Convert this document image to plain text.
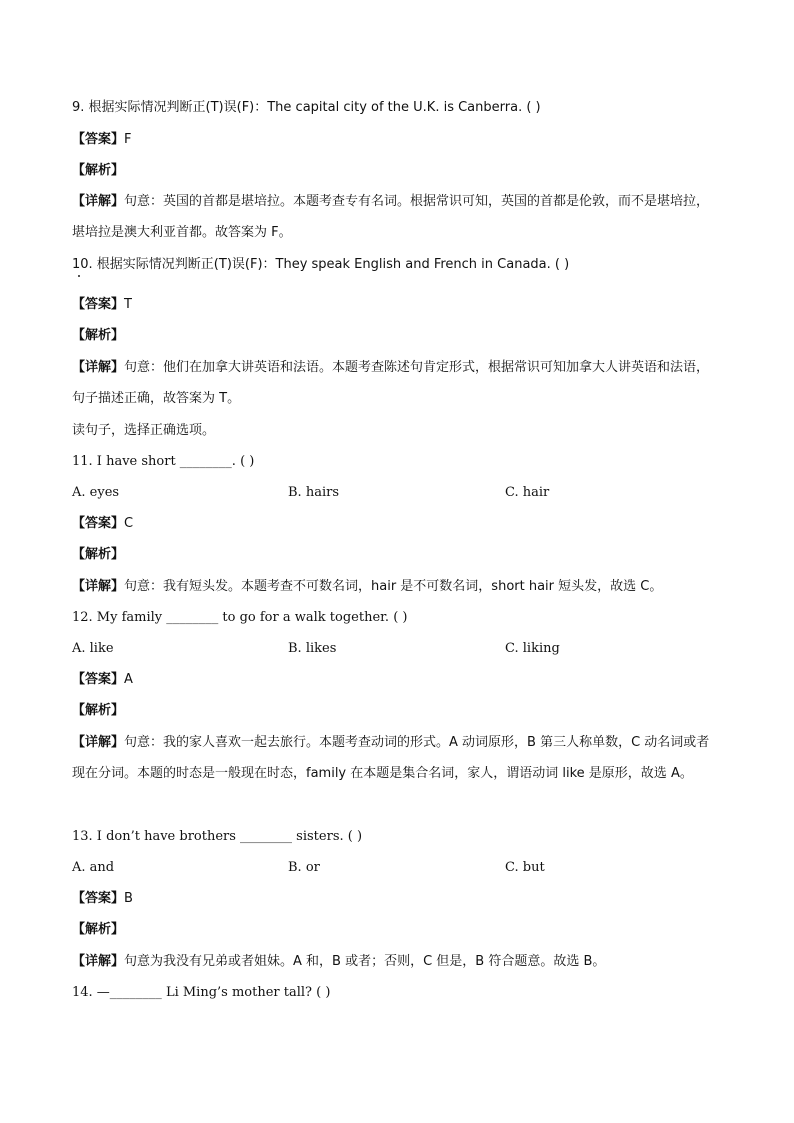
9. 根据实际情况判断正(T)误(F)：The capital city of the U.K. is Canberra. ( )
【答案】F
【解析】
【详解】句意：英国的首都是堪培拉。本题考查专有名词。根据常识可知，英国的首都是伦敦，而不是堪培拉，堪培拉是澳大利亚首都。故答案为 F。
10. 根据实际情况判断正(T)误(F)：They speak English and French in Canada. ( )
【答案】T
【解析】
【详解】句意：他们在加拿大讲英语和法语。本题考查陈述句肯定形式，根据常识可知加拿大人讲英语和法语，句子描述正确，故答案为 T。
读句子，选择正确选项。
11. I have short ________. ( )
A. eyes	B. hairs	C. hair
【答案】C
【解析】
【详解】句意：我有短头发。本题考查不可数名词，hair 是不可数名词，short hair 短头发，故选 C。
12. My family ________ to go for a walk together. ( )
A. like	B. likes	C. liking
【答案】A
【解析】
【详解】句意：我的家人喜欢一起去旅行。本题考查动词的形式。A 动词原形，B 第三人称单数，C 动名词或者现在分词。本题的时态是一般现在时态，family 在本题是集合名词，家人，谓语动词 like 是原形，故选 A。
13. I don’t have brothers ________ sisters. ( )
A. and	B. or	C. but
【答案】B
【解析】
【详解】句意为我没有兄弟或者姐妹。A 和，B 或者；否则，C 但是，B 符合题意。故选 B。
14. —________ Li Ming’s mother tall? ( )
